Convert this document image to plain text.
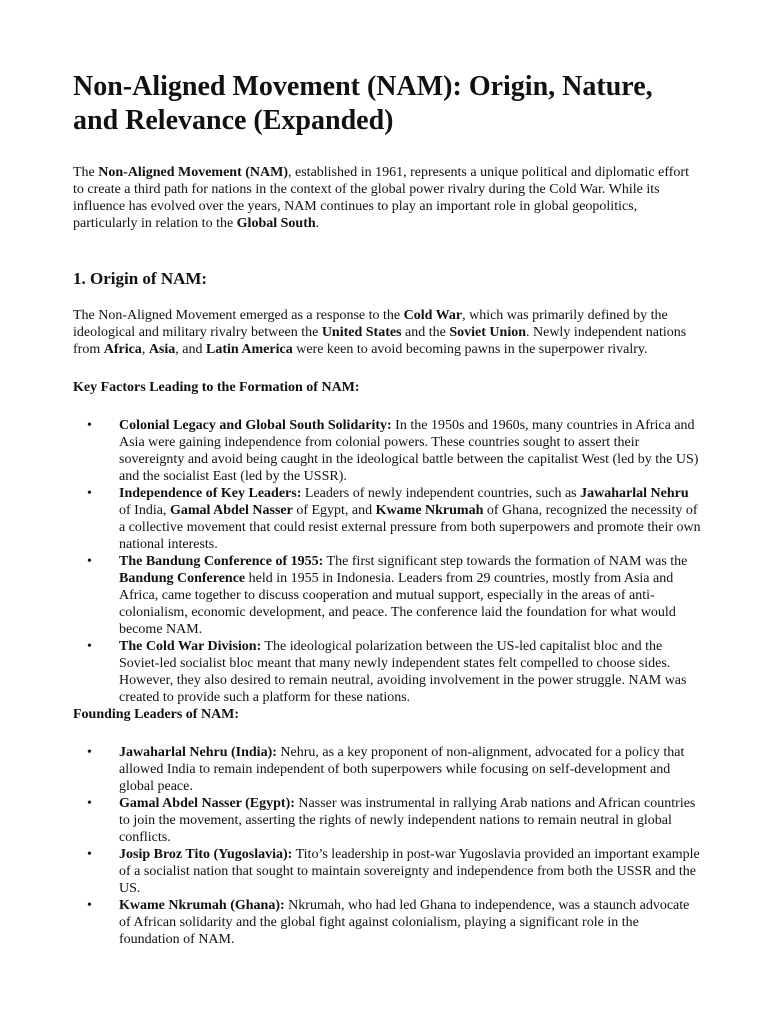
Non-Aligned Movement (NAM): Origin, Nature, and Relevance (Expanded)

The Non-Aligned Movement (NAM), established in 1961, represents a unique political and diplomatic effort to create a third path for nations in the context of the global power rivalry during the Cold War. While its influence has evolved over the years, NAM continues to play an important role in global geopolitics, particularly in relation to the Global South.

1. Origin of NAM:

The Non-Aligned Movement emerged as a response to the Cold War, which was primarily defined by the ideological and military rivalry between the United States and the Soviet Union. Newly independent nations from Africa, Asia, and Latin America were keen to avoid becoming pawns in the superpower rivalry.

Key Factors Leading to the Formation of NAM:

• Colonial Legacy and Global South Solidarity: In the 1950s and 1960s, many countries in Africa and Asia were gaining independence from colonial powers. These countries sought to assert their sovereignty and avoid being caught in the ideological battle between the capitalist West (led by the US) and the socialist East (led by the USSR).
• Independence of Key Leaders: Leaders of newly independent countries, such as Jawaharlal Nehru of India, Gamal Abdel Nasser of Egypt, and Kwame Nkrumah of Ghana, recognized the necessity of a collective movement that could resist external pressure from both superpowers and promote their own national interests.
• The Bandung Conference of 1955: The first significant step towards the formation of NAM was the Bandung Conference held in 1955 in Indonesia. Leaders from 29 countries, mostly from Asia and Africa, came together to discuss cooperation and mutual support, especially in the areas of anti-colonialism, economic development, and peace. The conference laid the foundation for what would become NAM.
• The Cold War Division: The ideological polarization between the US-led capitalist bloc and the Soviet-led socialist bloc meant that many newly independent states felt compelled to choose sides. However, they also desired to remain neutral, avoiding involvement in the power struggle. NAM was created to provide such a platform for these nations.

Founding Leaders of NAM:

• Jawaharlal Nehru (India): Nehru, as a key proponent of non-alignment, advocated for a policy that allowed India to remain independent of both superpowers while focusing on self-development and global peace.
• Gamal Abdel Nasser (Egypt): Nasser was instrumental in rallying Arab nations and African countries to join the movement, asserting the rights of newly independent nations to remain neutral in global conflicts.
• Josip Broz Tito (Yugoslavia): Tito’s leadership in post-war Yugoslavia provided an important example of a socialist nation that sought to maintain sovereignty and independence from both the USSR and the US.
• Kwame Nkrumah (Ghana): Nkrumah, who had led Ghana to independence, was a staunch advocate of African solidarity and the global fight against colonialism, playing a significant role in the foundation of NAM.
